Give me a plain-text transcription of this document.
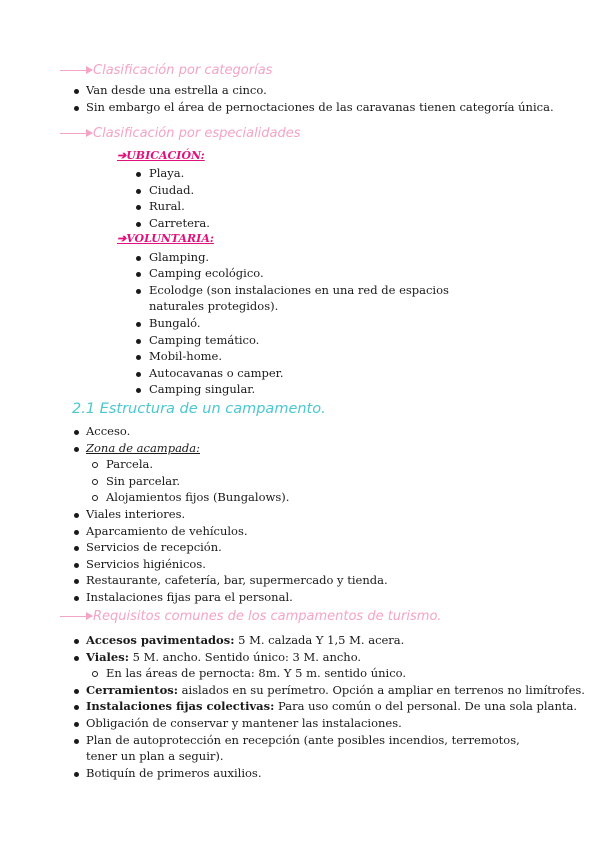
Clasificación por categorías
Van desde una estrella a cinco.
Sin embargo el área de pernoctaciones de las caravanas tienen categoría única.
Clasificación por especialidades
➔UBICACIÓN:
Playa.
Ciudad.
Rural.
Carretera.
➔VOLUNTARIA:
Glamping.
Camping ecológico.
Ecolodge (son instalaciones en una red de espacios naturales protegidos).
Bungaló.
Camping temático.
Mobil-home.
Autocavanas o camper.
Camping singular.
2.1 Estructura de un campamento.
Acceso.
Zona de acampada:
Parcela.
Sin parcelar.
Alojamientos fijos (Bungalows).
Viales interiores.
Aparcamiento de vehículos.
Servicios de recepción.
Servicios higiénicos.
Restaurante, cafetería, bar, supermercado y tienda.
Instalaciones fijas para el personal.
Requisitos comunes de los campamentos de turismo.
Accesos pavimentados: 5 M. calzada Y 1,5 M. acera.
Viales: 5 M. ancho. Sentido único: 3 M. ancho.
En las áreas de pernocta: 8m. Y 5 m. sentido único.
Cerramientos: aislados en su perímetro. Opción a ampliar en terrenos no limítrofes.
Instalaciones fijas colectivas: Para uso común o del personal. De una sola planta.
Obligación de conservar y mantener las instalaciones.
Plan de autoprotección en recepción (ante posibles incendios, terremotos, tener un plan a seguir).
Botiquín de primeros auxilios.
